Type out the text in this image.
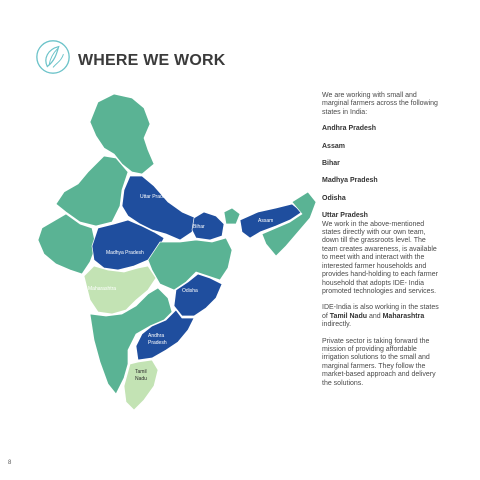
WHERE WE WORK
Uttar Pradesh
Bihar
Assam
Madhya Pradesh
Odisha
Maharashtra
Andhra
Pradesh
Tamil
Nadu

We are working with small and marginal farmers across the following states in India:

Andhra Pradesh
Assam
Bihar
Madhya Pradesh
Odisha
Uttar Pradesh

We work in the above-mentioned states directly with our own team, down till the grassroots level. The team creates awareness, is available to meet with and interact with the interested farmer households and provides hand-holding to each farmer household that adopts IDE- India promoted technologies and services.

IDE-India is also working in the states of Tamil Nadu and Maharashtra indirectly.

Private sector is taking forward the mission of providing affordable irrigation solutions to the small and marginal farmers. They follow the market-based approach and delivery the solutions.

8
